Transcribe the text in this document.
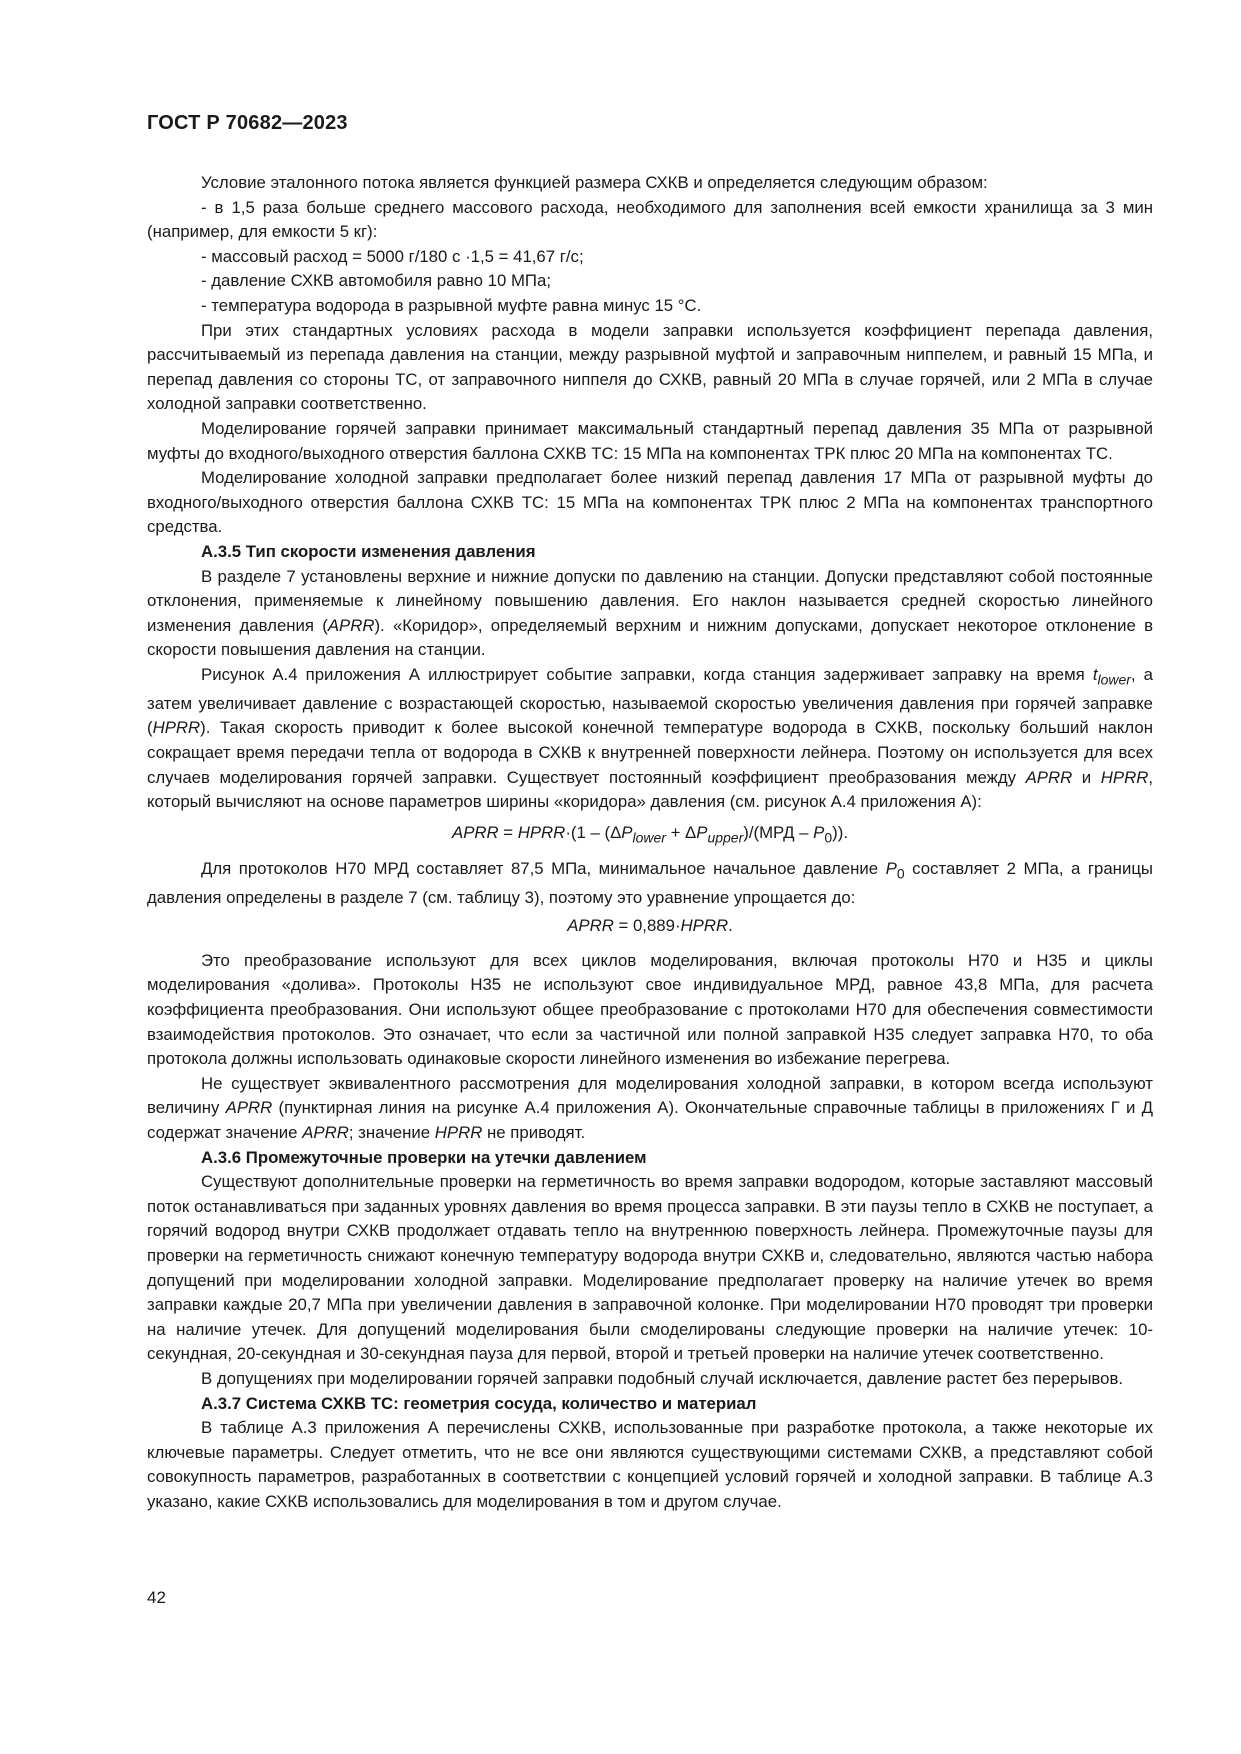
ГОСТ Р 70682—2023

Условие эталонного потока является функцией размера СХКВ и определяется следующим образом:

- в 1,5 раза больше среднего массового расхода, необходимого для заполнения всей емкости хранилища за 3 мин (например, для емкости 5 кг):

- массовый расход = 5000 г/180 с ·1,5 = 41,67 г/с;

- давление СХКВ автомобиля равно 10 МПа;

- температура водорода в разрывной муфте равна минус 15 °С.

При этих стандартных условиях расхода в модели заправки используется коэффициент перепада давления, рассчитываемый из перепада давления на станции, между разрывной муфтой и заправочным ниппелем, и равный 15 МПа, и перепад давления со стороны ТС, от заправочного ниппеля до СХКВ, равный 20 МПа в случае горячей, или 2 МПа в случае холодной заправки соответственно.

Моделирование горячей заправки принимает максимальный стандартный перепад давления 35 МПа от разрывной муфты до входного/выходного отверстия баллона СХКВ ТС: 15 МПа на компонентах ТРК плюс 20 МПа на компонентах ТС.

Моделирование холодной заправки предполагает более низкий перепад давления 17 МПа от разрывной муфты до входного/выходного отверстия баллона СХКВ ТС: 15 МПа на компонентах ТРК плюс 2 МПа на компонентах транспортного средства.

А.3.5 Тип скорости изменения давления

В разделе 7 установлены верхние и нижние допуски по давлению на станции. Допуски представляют собой постоянные отклонения, применяемые к линейному повышению давления. Его наклон называется средней скоростью линейного изменения давления (APRR). «Коридор», определяемый верхним и нижним допусками, допускает некоторое отклонение в скорости повышения давления на станции.

Рисунок А.4 приложения А иллюстрирует событие заправки, когда станция задерживает заправку на время $t_{lower}$, а затем увеличивает давление с возрастающей скоростью, называемой скоростью увеличения давления при горячей заправке (HPRR). Такая скорость приводит к более высокой конечной температуре водорода в СХКВ, поскольку больший наклон сокращает время передачи тепла от водорода в СХКВ к внутренней поверхности лейнера. Поэтому он используется для всех случаев моделирования горячей заправки. Существует постоянный коэффициент преобразования между APRR и HPRR, который вычисляют на основе параметров ширины «коридора» давления (см. рисунок А.4 приложения А):

APRR = HPRR·(1 – $(\Delta P_{lower} + \Delta P_{upper})/(МРД - P_0)$).

Для протоколов Н70 МРД составляет 87,5 МПа, минимальное начальное давление $P_0$ составляет 2 МПа, а границы давления определены в разделе 7 (см. таблицу 3), поэтому это уравнение упрощается до:

APRR = 0,889·HPRR.

Это преобразование используют для всех циклов моделирования, включая протоколы Н70 и Н35 и циклы моделирования «долива». Протоколы Н35 не используют свое индивидуальное МРД, равное 43,8 МПа, для расчета коэффициента преобразования. Они используют общее преобразование с протоколами Н70 для обеспечения совместимости взаимодействия протоколов. Это означает, что если за частичной или полной заправкой Н35 следует заправка Н70, то оба протокола должны использовать одинаковые скорости линейного изменения во избежание перегрева.

Не существует эквивалентного рассмотрения для моделирования холодной заправки, в котором всегда используют величину APRR (пунктирная линия на рисунке А.4 приложения А). Окончательные справочные таблицы в приложениях Г и Д содержат значение APRR; значение HPRR не приводят.

А.3.6 Промежуточные проверки на утечки давлением

Существуют дополнительные проверки на герметичность во время заправки водородом, которые заставляют массовый поток останавливаться при заданных уровнях давления во время процесса заправки. В эти паузы тепло в СХКВ не поступает, а горячий водород внутри СХКВ продолжает отдавать тепло на внутреннюю поверхность лейнера. Промежуточные паузы для проверки на герметичность снижают конечную температуру водорода внутри СХКВ и, следовательно, являются частью набора допущений при моделировании холодной заправки. Моделирование предполагает проверку на наличие утечек во время заправки каждые 20,7 МПа при увеличении давления в заправочной колонке. При моделировании Н70 проводят три проверки на наличие утечек. Для допущений моделирования были смоделированы следующие проверки на наличие утечек: 10-секундная, 20-секундная и 30-секундная пауза для первой, второй и третьей проверки на наличие утечек соответственно.

В допущениях при моделировании горячей заправки подобный случай исключается, давление растет без перерывов.

А.3.7 Система СХКВ ТС: геометрия сосуда, количество и материал

В таблице А.3 приложения А перечислены СХКВ, использованные при разработке протокола, а также некоторые их ключевые параметры. Следует отметить, что не все они являются существующими системами СХКВ, а представляют собой совокупность параметров, разработанных в соответствии с концепцией условий горячей и холодной заправки. В таблице А.3 указано, какие СХКВ использовались для моделирования в том и другом случае.

42
